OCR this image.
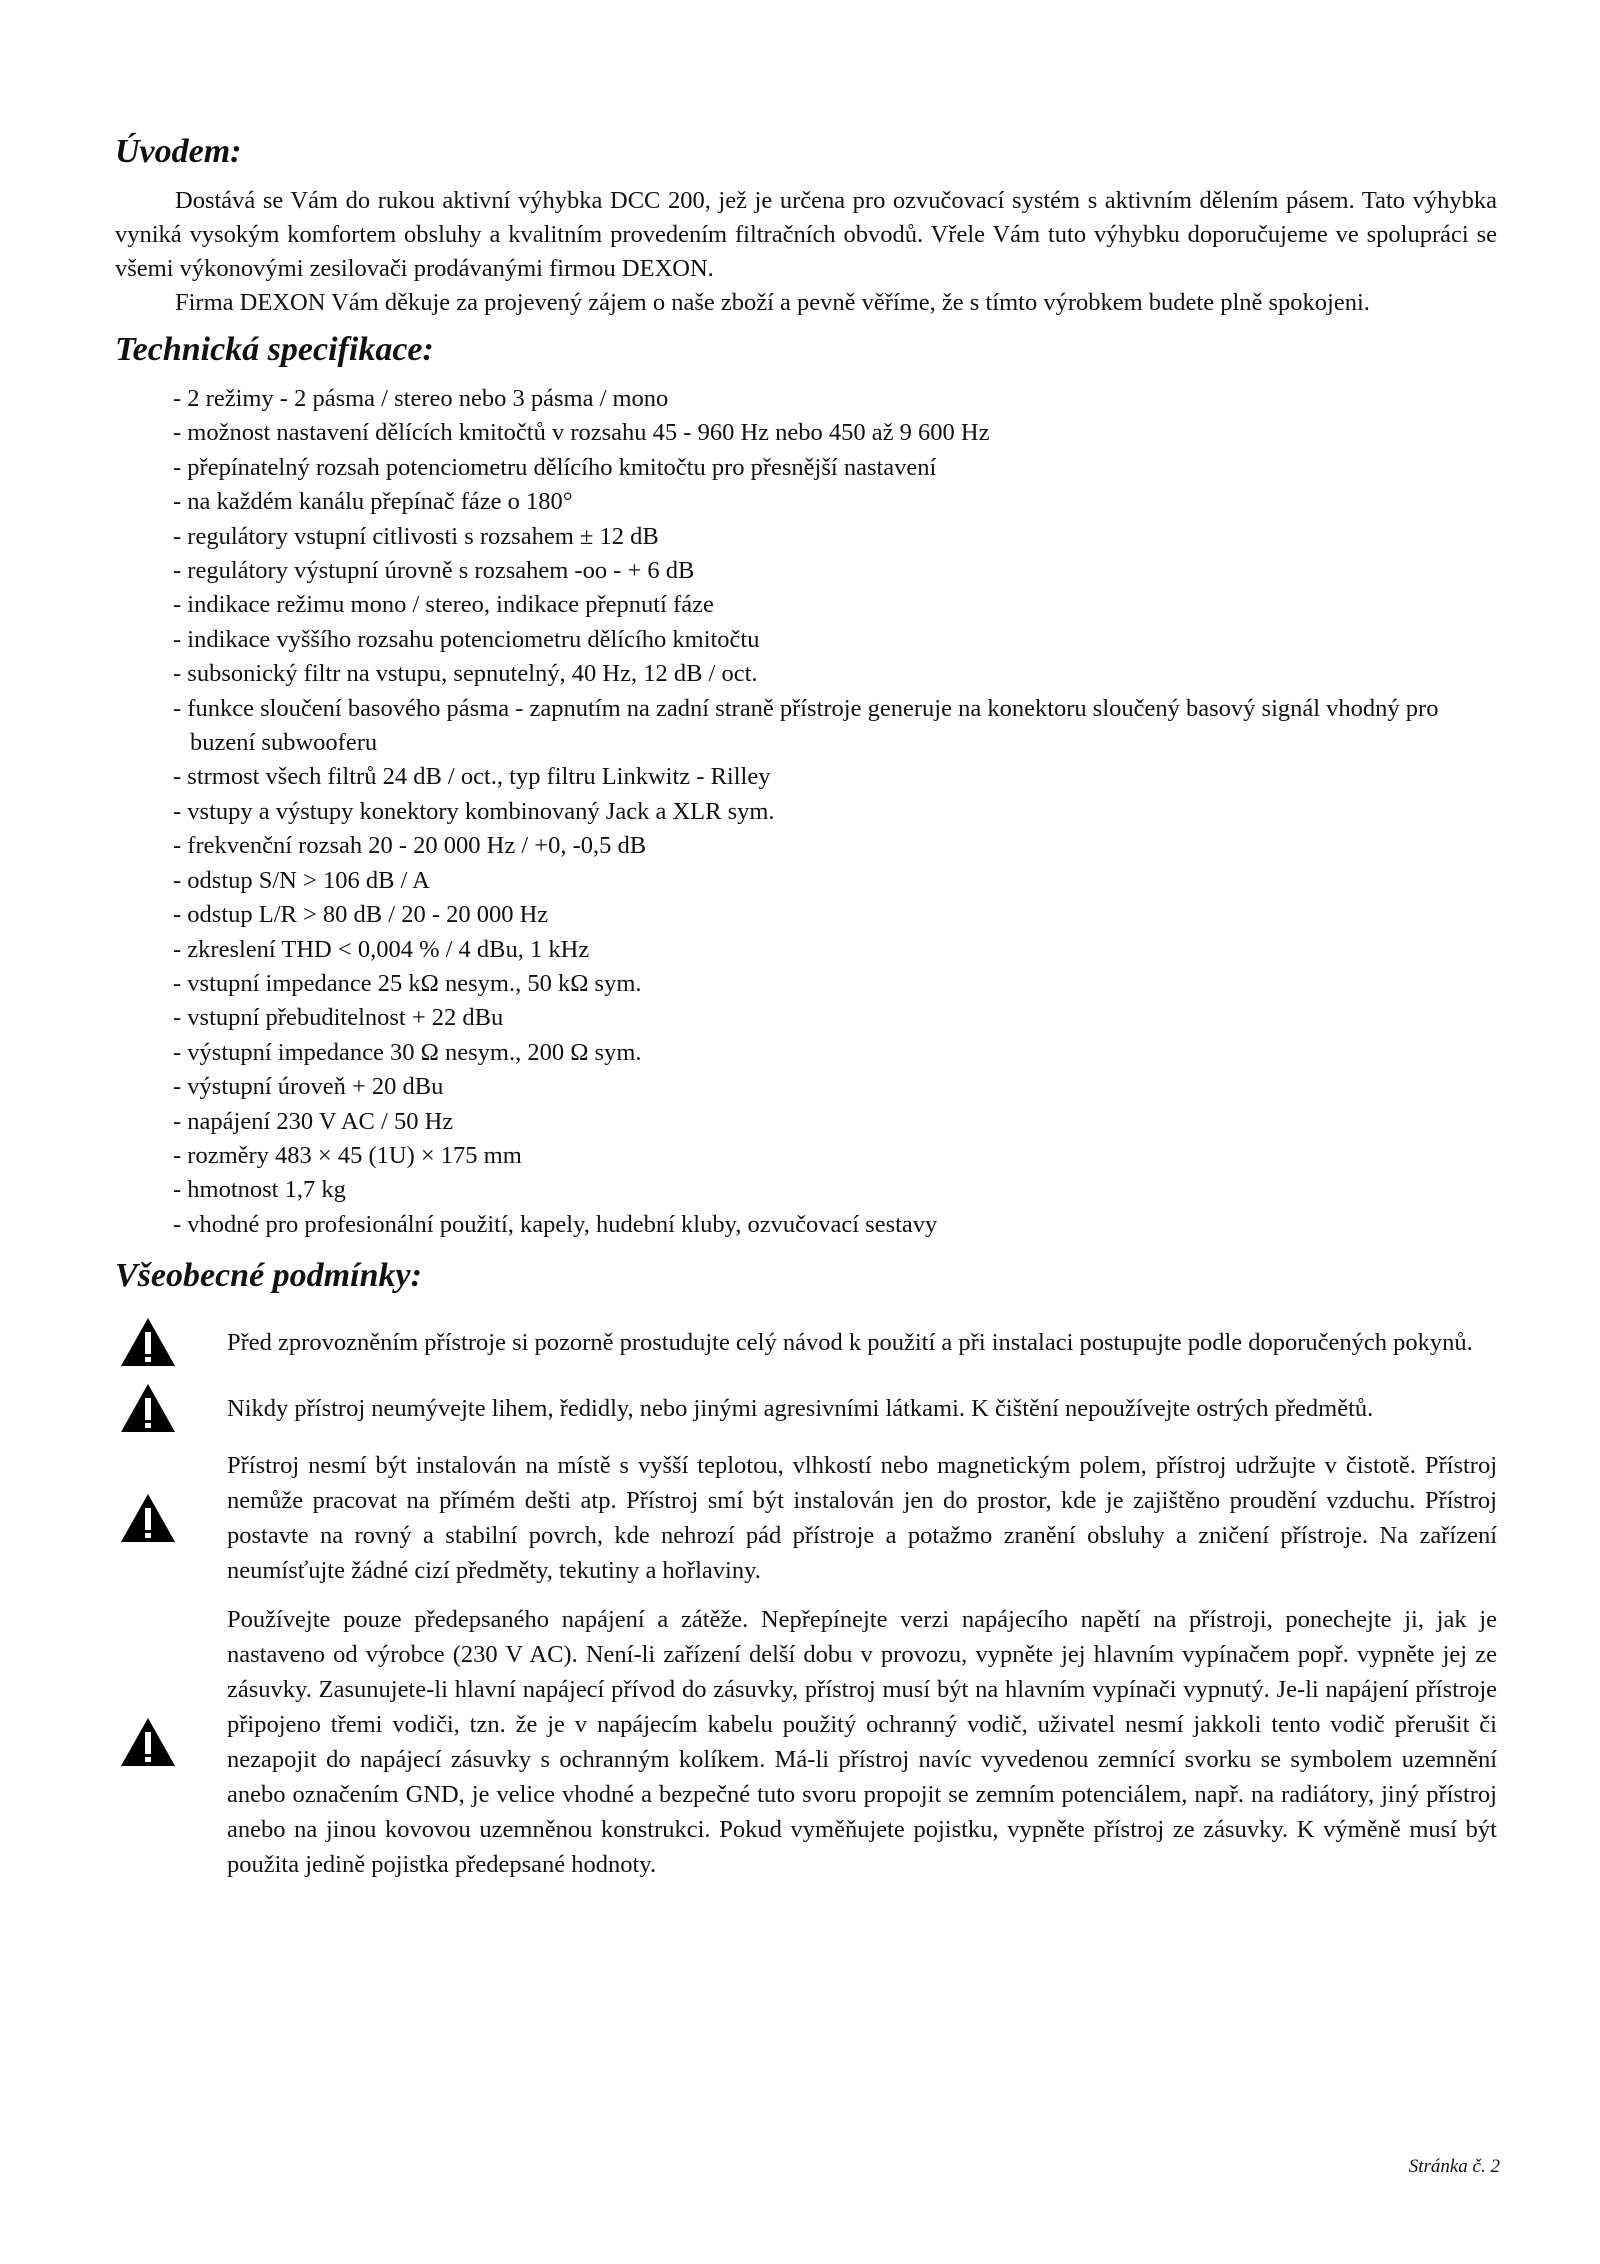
Úvodem:

Dostává se Vám do rukou aktivní výhybka DCC 200, jež je určena pro ozvučovací systém s aktivním dělením pásem. Tato výhybka vyniká vysokým komfortem obsluhy a kvalitním provedením filtračních obvodů. Vřele Vám tuto výhybku doporučujeme ve spolupráci se všemi výkonovými zesilovači prodávanými firmou DEXON.

Firma DEXON Vám děkuje za projevený zájem o naše zboží a pevně věříme, že s tímto výrobkem budete plně spokojeni.

Technická specifikace:
- 2 režimy - 2 pásma / stereo nebo 3 pásma / mono
- možnost nastavení dělících kmitočtů v rozsahu 45 - 960 Hz nebo 450 až 9 600 Hz
- přepínatelný rozsah potenciometru dělícího kmitočtu pro přesnější nastavení
- na každém kanálu přepínač fáze o 180°
- regulátory vstupní citlivosti s rozsahem ± 12 dB
- regulátory výstupní úrovně s rozsahem -oo - + 6 dB
- indikace režimu mono / stereo, indikace přepnutí fáze
- indikace vyššího rozsahu potenciometru dělícího kmitočtu
- subsonický filtr na vstupu, sepnutelný, 40 Hz, 12 dB / oct.
- funkce sloučení basového pásma - zapnutím na zadní straně přístroje generuje na konektoru sloučený basový signál vhodný pro buzení subwooferu
- strmost všech filtrů 24 dB / oct., typ filtru Linkwitz - Rilley
- vstupy a výstupy konektory kombinovaný Jack a XLR sym.
- frekvenční rozsah 20 - 20 000 Hz / +0, -0,5 dB
- odstup S/N > 106 dB / A
- odstup L/R > 80 dB / 20 - 20 000 Hz
- zkreslení THD < 0,004 % / 4 dBu, 1 kHz
- vstupní impedance 25 kΩ nesym., 50 kΩ sym.
- vstupní přebuditelnost + 22 dBu
- výstupní impedance 30 Ω nesym., 200 Ω sym.
- výstupní úroveň + 20 dBu
- napájení 230 V AC / 50 Hz
- rozměry 483 × 45 (1U) × 175 mm
- hmotnost 1,7 kg
- vhodné pro profesionální použití, kapely, hudební kluby, ozvučovací sestavy
Všeobecné podmínky:

Před zprovozněním přístroje si pozorně prostudujte celý návod k použití a při instalaci postupujte podle doporučených pokynů.

Nikdy přístroj neumývejte lihem, ředidly, nebo jinými agresivními látkami. K čištění nepoužívejte ostrých předmětů.

Přístroj nesmí být instalován na místě s vyšší teplotou, vlhkostí nebo magnetickým polem, přístroj udržujte v čistotě. Přístroj nemůže pracovat na přímém dešti atp. Přístroj smí být instalován jen do prostor, kde je zajištěno proudění vzduchu. Přístroj postavte na rovný a stabilní povrch, kde nehrozí pád přístroje a potažmo zranění obsluhy a zničení přístroje. Na zařízení neumísťujte žádné cizí předměty, tekutiny a hořlaviny.

Používejte pouze předepsaného napájení a zátěže. Nepřepínejte verzi napájecího napětí na přístroji, ponechejte ji, jak je nastaveno od výrobce (230 V AC). Není-li zařízení delší dobu v provozu, vypněte jej hlavním vypínačem popř. vypněte jej ze zásuvky. Zasunujete-li hlavní napájecí přívod do zásuvky, přístroj musí být na hlavním vypínači vypnutý. Je-li napájení přístroje připojeno třemi vodiči, tzn. že je v napájecím kabelu použitý ochranný vodič, uživatel nesmí jakkoli tento vodič přerušit či nezapojit do napájecí zásuvky s ochranným kolíkem. Má-li přístroj navíc vyvedenou zemnící svorku se symbolem uzemnění anebo označením GND, je velice vhodné a bezpečné tuto svoru propojit se zemním potenciálem, např. na radiátory, jiný přístroj anebo na jinou kovovou uzemněnou konstrukci. Pokud vyměňujete pojistku, vypněte přístroj ze zásuvky. K výměně musí být použita jedině pojistka předepsané hodnoty.

Stránka č. 2
